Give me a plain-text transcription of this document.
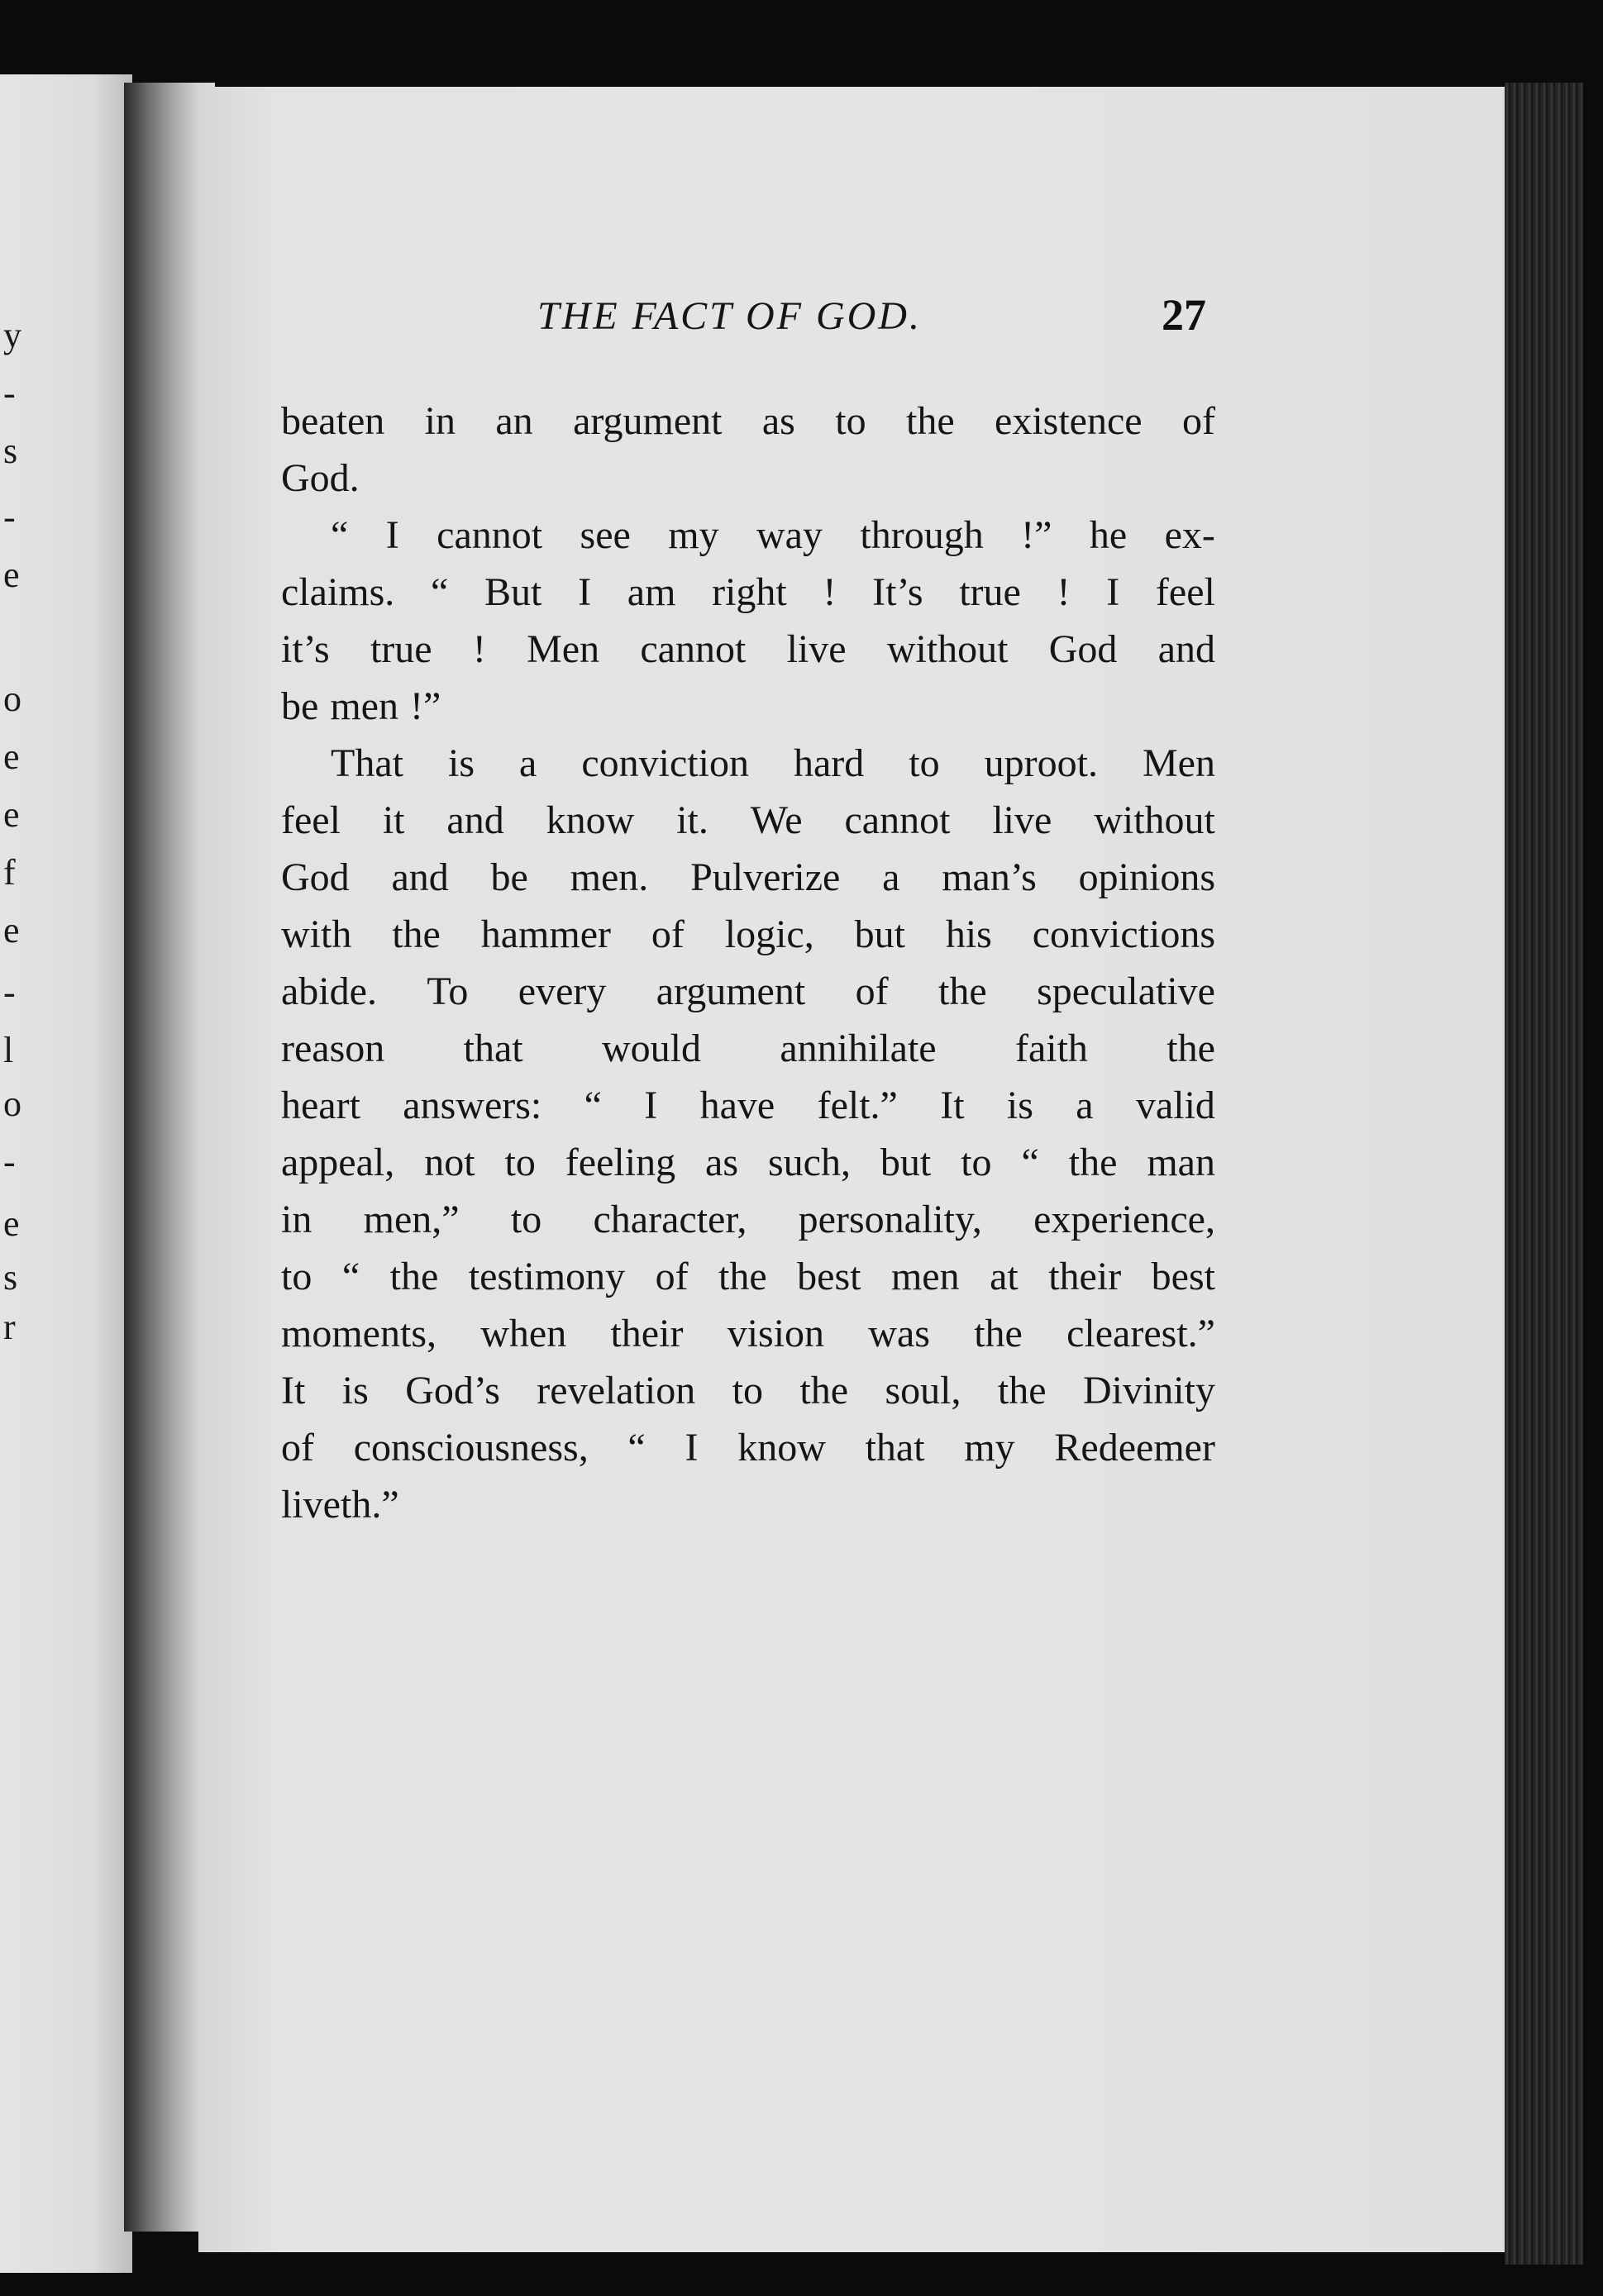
y
-
s
-
e
o
e
e
f
e
-
l
o
-
e
s
r
THE FACT OF GOD.	27
beaten in an argument as to the existence of
God.
“ I cannot see my way through !” he ex-
claims. “ But I am right ! It’s true ! I feel
it’s true ! Men cannot live without God and
be men !”
That is a conviction hard to uproot. Men
feel it and know it. We cannot live without
God and be men. Pulverize a man’s opinions
with the hammer of logic, but his convictions
abide. To every argument of the speculative
reason that would annihilate faith the
heart answers: “ I have felt.” It is a valid
appeal, not to feeling as such, but to “ the man
in men,” to character, personality, experience,
to “ the testimony of the best men at their best
moments, when their vision was the clearest.”
It is God’s revelation to the soul, the Divinity
of consciousness, “ I know that my Redeemer
liveth.”
